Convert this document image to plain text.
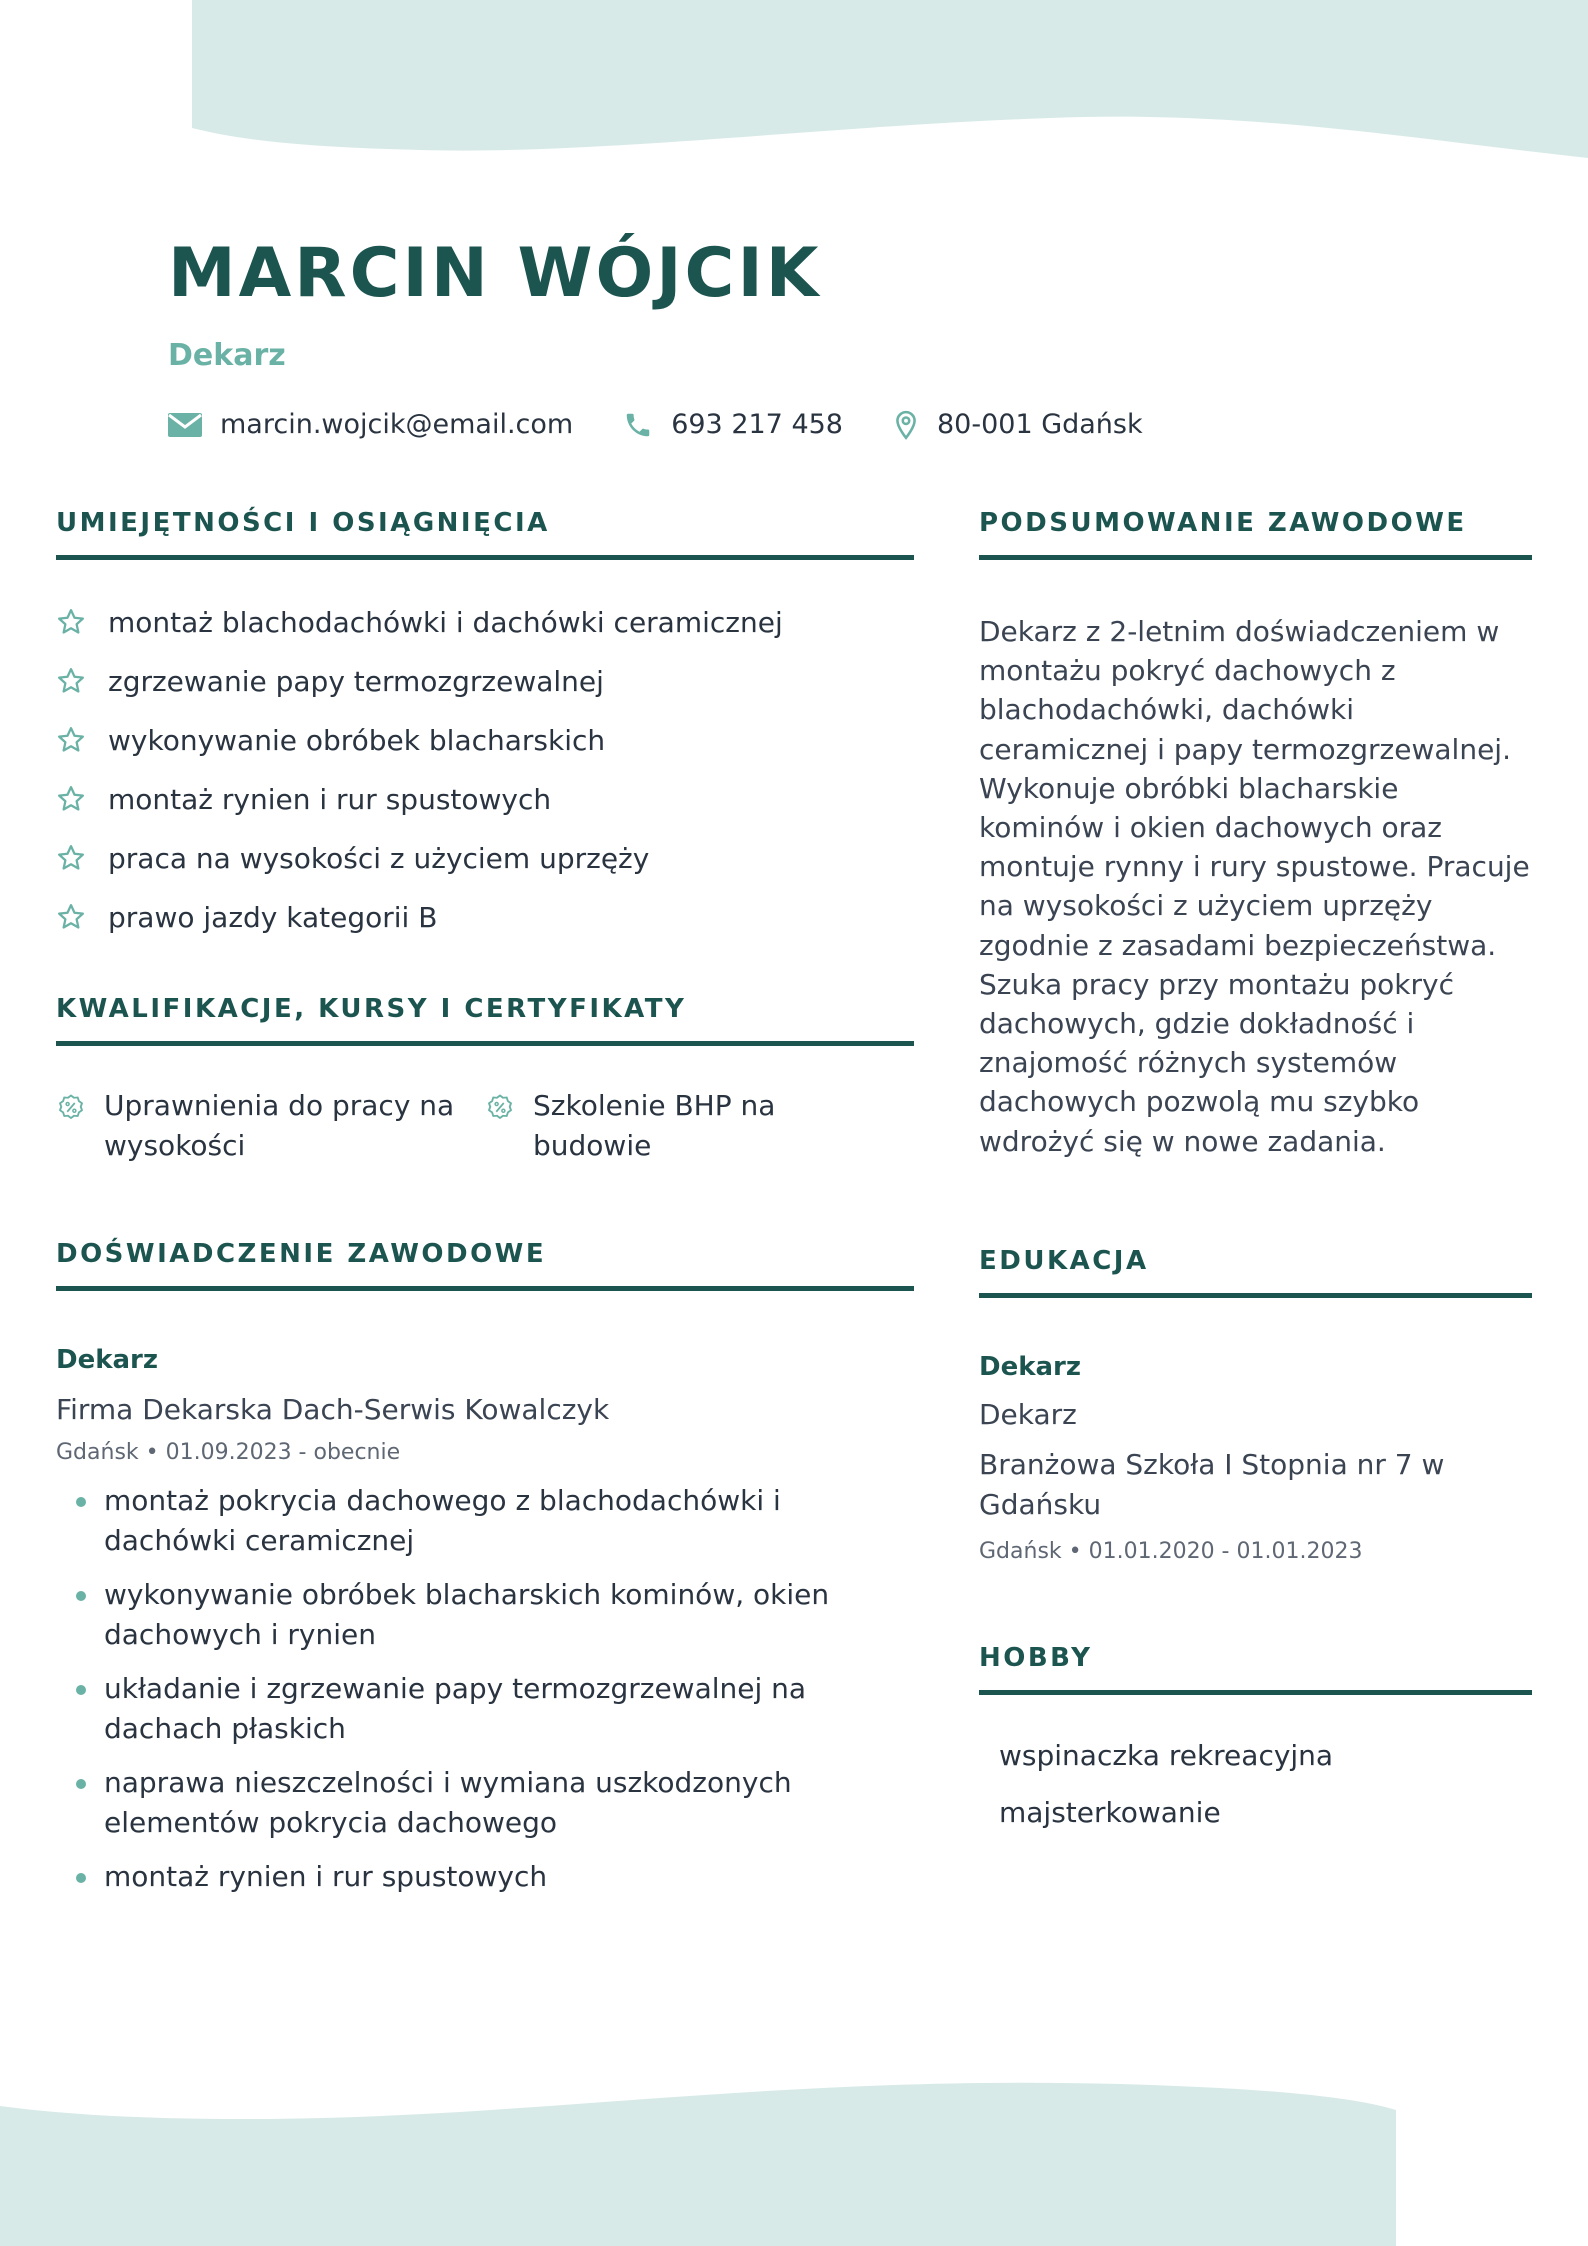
MARCIN WÓJCIK
Dekarz
marcin.wojcik@email.com	693 217 458	80-001 Gdańsk
UMIEJĘTNOŚCI I OSIĄGNIĘCIA
montaż blachodachówki i dachówki ceramicznej
zgrzewanie papy termozgrzewalnej
wykonywanie obróbek blacharskich
montaż rynien i rur spustowych
praca na wysokości z użyciem uprzęży
prawo jazdy kategorii B
KWALIFIKACJE, KURSY I CERTYFIKATY
Uprawnienia do pracy na wysokości
Szkolenie BHP na budowie
DOŚWIADCZENIE ZAWODOWE
Dekarz
Firma Dekarska Dach-Serwis Kowalczyk
Gdańsk • 01.09.2023 - obecnie
montaż pokrycia dachowego z blachodachówki i dachówki ceramicznej
wykonywanie obróbek blacharskich kominów, okien dachowych i rynien
układanie i zgrzewanie papy termozgrzewalnej na dachach płaskich
naprawa nieszczelności i wymiana uszkodzonych elementów pokrycia dachowego
montaż rynien i rur spustowych
PODSUMOWANIE ZAWODOWE
Dekarz z 2-letnim doświadczeniem w montażu pokryć dachowych z blachodachówki, dachówki ceramicznej i papy termozgrzewalnej. Wykonuje obróbki blacharskie kominów i okien dachowych oraz montuje rynny i rury spustowe. Pracuje na wysokości z użyciem uprzęży zgodnie z zasadami bezpieczeństwa. Szuka pracy przy montażu pokryć dachowych, gdzie dokładność i znajomość różnych systemów dachowych pozwolą mu szybko wdrożyć się w nowe zadania.
EDUKACJA
Dekarz
Dekarz
Branżowa Szkoła I Stopnia nr 7 w Gdańsku
Gdańsk • 01.01.2020 - 01.01.2023
HOBBY
wspinaczka rekreacyjna
majsterkowanie
